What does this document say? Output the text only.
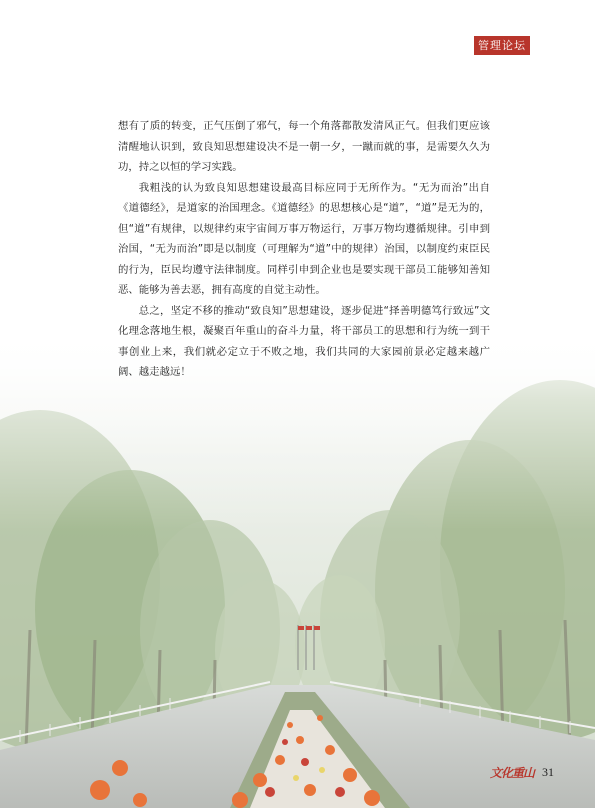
管理论坛

想有了质的转变，正气压倒了邪气，每一个角落都散发清风正气。但我们更应该清醒地认识到，致良知思想建设决不是一朝一夕，一蹴而就的事，是需要久久为功，持之以恒的学习实践。

我粗浅的认为致良知思想建设最高目标应同于无所作为。“无为而治”出自《道德经》，是道家的治国理念。《道德经》的思想核心是“道”，“道”是无为的，但“道”有规律，以规律约束宇宙间万事万物运行，万事万物均遵循规律。引申到治国，“无为而治”即是以制度（可理解为“道”中的规律）治国，以制度约束臣民的行为，臣民均遵守法律制度。同样引申到企业也是要实现干部员工能够知善知恶、能够为善去恶，拥有高度的自觉主动性。

总之，坚定不移的推动“致良知”思想建设，逐步促进“择善明德笃行致远”文化理念落地生根，凝聚百年重山的奋斗力量，将干部员工的思想和行为统一到干事创业上来，我们就必定立于不败之地，我们共同的大家园前景必定越来越广阔、越走越远！

文化重山 31
